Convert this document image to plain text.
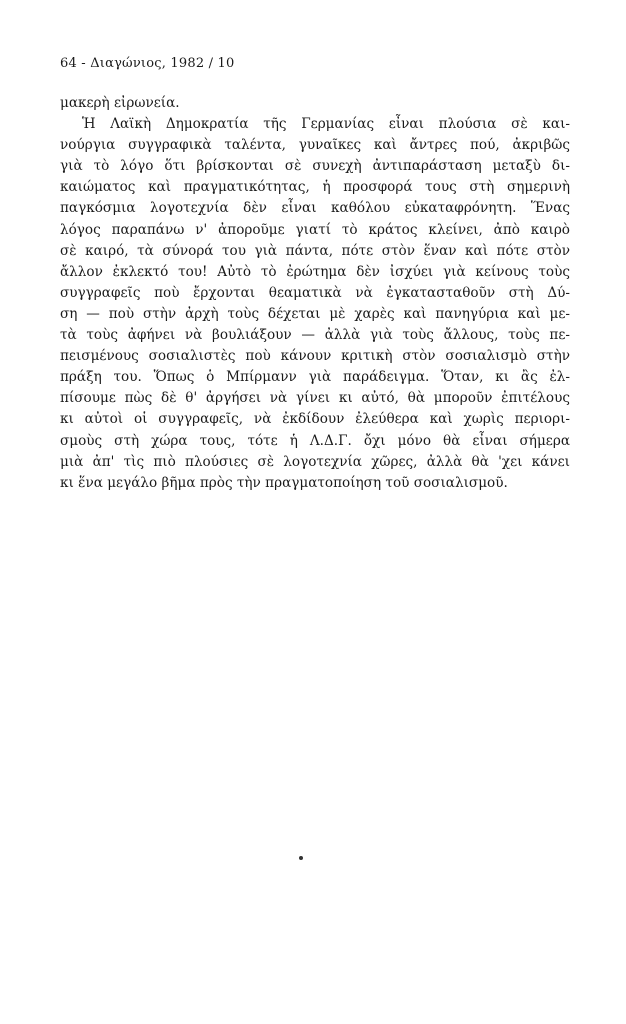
64 - Διαγώνιος, 1982 / 10
μακερὴ εἰρωνεία.
Ἡ Λαϊκὴ Δημοκρατία τῆς Γερμανίας εἶναι πλούσια σὲ και-
νούργια συγγραφικὰ ταλέντα, γυναῖκες καὶ ἄντρες πού, ἀκριβῶς
γιὰ τὸ λόγο ὅτι βρίσκονται σὲ συνεχὴ ἀντιπαράσταση μεταξὺ δι-
καιώματος καὶ πραγματικότητας, ἡ προσφορά τους στὴ σημερινὴ
παγκόσμια λογοτεχνία δὲν εἶναι καθόλου εὐκαταφρόνητη. Ἕνας
λόγος παραπάνω ν' ἀπορoῦμε γιατί τὸ κράτος κλείνει, ἀπὸ καιρὸ
σὲ καιρό, τὰ σύνορά του γιὰ πάντα, πότε στὸν ἕναν καὶ πότε στὸν
ἄλλον ἐκλεκτό του! Αὐτὸ τὸ ἐρώτημα δὲν ἰσχύει γιὰ κείνους τοὺς
συγγραφεῖς ποὺ ἔρχονται θεαματικὰ νὰ ἐγκατασταθοῦν στὴ Δύ-
ση — ποὺ στὴν ἀρχὴ τοὺς δέχεται μὲ χαρὲς καὶ πανηγύρια καὶ με-
τὰ τοὺς ἀφήνει νὰ βουλιάξουν — ἀλλὰ γιὰ τοὺς ἄλλους, τοὺς πε-
πεισμένους σοσιαλιστὲς ποὺ κάνουν κριτικὴ στὸν σοσιαλισμὸ στὴν
πράξη του. Ὅπως ὁ Μπίρμανν γιὰ παράδειγμα. Ὅταν, κι ἂς ἐλ-
πίσουμε πὼς δὲ θ' ἀργήσει νὰ γίνει κι αὐτό, θὰ μπορoῦν ἐπιτέλους
κι αὐτοὶ οἱ συγγραφεῖς, νὰ ἐκδίδουν ἐλεύθερα καὶ χωρὶς περιορι-
σμοὺς στὴ χώρα τους, τότε ἡ Λ.Δ.Γ. ὄχι μόνο θὰ εἶναι σήμερα
μιὰ ἀπ' τὶς πιὸ πλούσιες σὲ λογοτεχνία χῶρες, ἀλλὰ θὰ 'χει κάνει
κι ἕνα μεγάλο βῆμα πρὸς τὴν πραγματοποίηση τοῦ σοσιαλισμοῦ.
